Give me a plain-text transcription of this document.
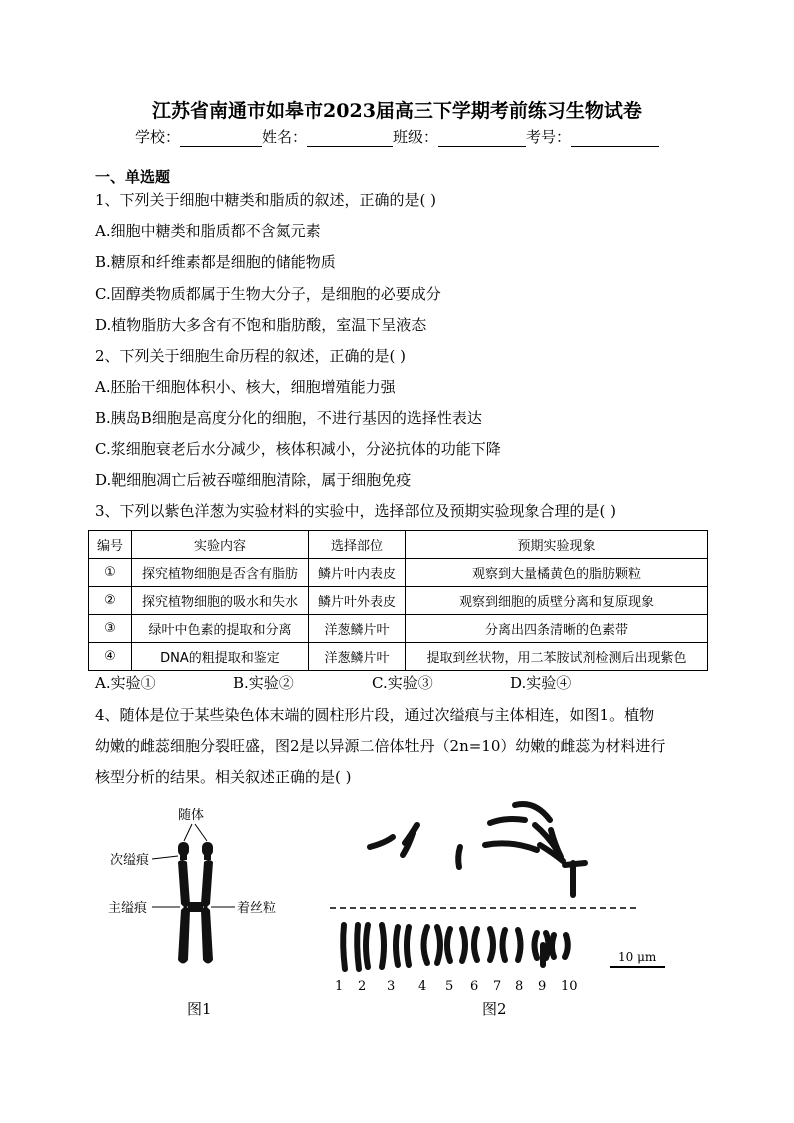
江苏省南通市如皋市2023届高三下学期考前练习生物试卷
学校：	姓名：	班级：	考号：
一、单选题
1、下列关于细胞中糖类和脂质的叙述，正确的是( )
A.细胞中糖类和脂质都不含氮元素
B.糖原和纤维素都是细胞的储能物质
C.固醇类物质都属于生物大分子，是细胞的必要成分
D.植物脂肪大多含有不饱和脂肪酸，室温下呈液态
2、下列关于细胞生命历程的叙述，正确的是( )
A.胚胎干细胞体积小、核大，细胞增殖能力强
B.胰岛B细胞是高度分化的细胞，不进行基因的选择性表达
C.浆细胞衰老后水分减少，核体积减小，分泌抗体的功能下降
D.靶细胞凋亡后被吞噬细胞清除，属于细胞免疫
3、下列以紫色洋葱为实验材料的实验中，选择部位及预期实验现象合理的是( )
编号	实验内容	选择部位	预期实验现象
①	探究植物细胞是否含有脂肪	鳞片叶内表皮	观察到大量橘黄色的脂肪颗粒
②	探究植物细胞的吸水和失水	鳞片叶外表皮	观察到细胞的质壁分离和复原现象
③	绿叶中色素的提取和分离	洋葱鳞片叶	分离出四条清晰的色素带
④	DNA的粗提取和鉴定	洋葱鳞片叶	提取到丝状物，用二苯胺试剂检测后出现紫色
A.实验①	B.实验②	C.实验③	D.实验④
4、随体是位于某些染色体末端的圆柱形片段，通过次缢痕与主体相连，如图1。植物
幼嫩的雌蕊细胞分裂旺盛，图2是以异源二倍体牡丹（2n=10）幼嫩的雌蕊为材料进行
核型分析的结果。相关叙述正确的是( )
随体
次缢痕
主缢痕	着丝粒
图1
10 μm
1 2 3 4 5 6 7 8 9 10
图2
